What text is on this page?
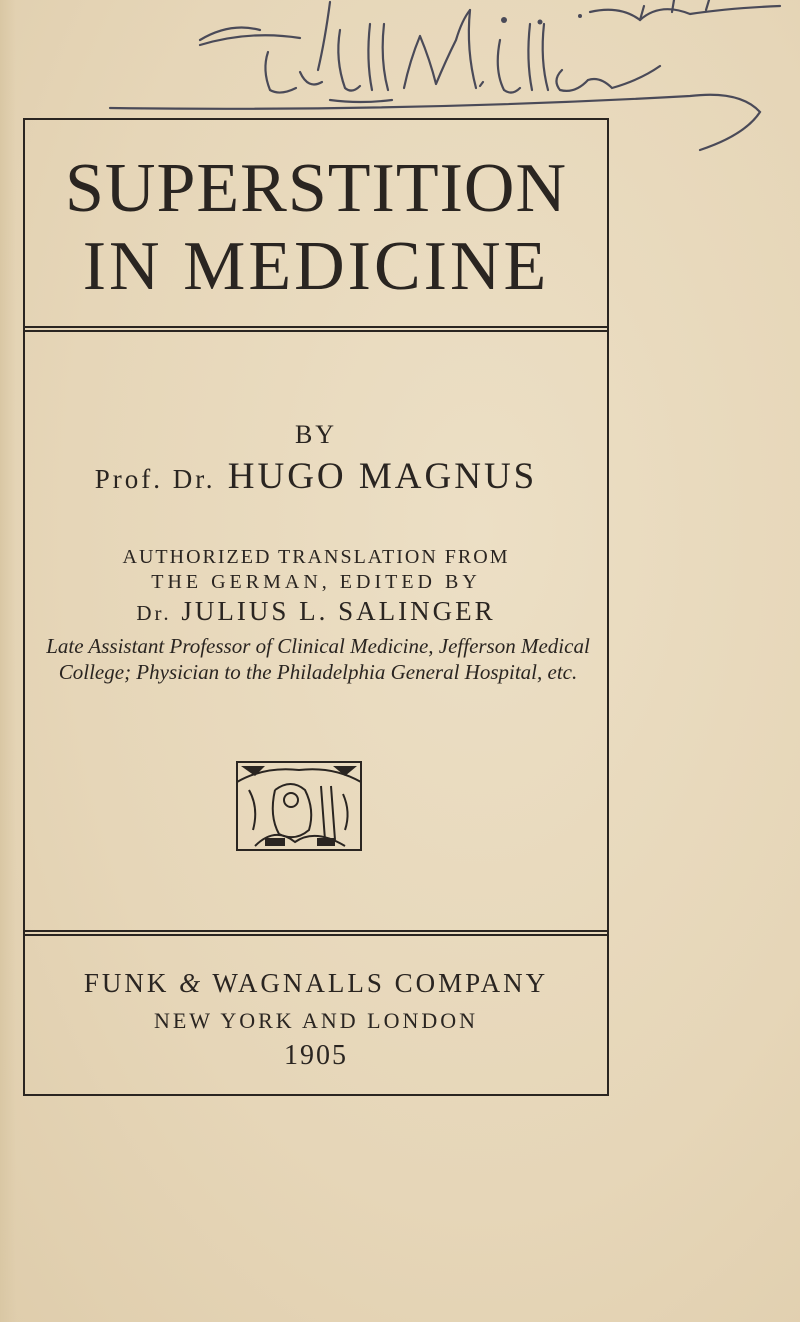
SUPERSTITION
IN MEDICINE
BY
Prof. Dr. HUGO MAGNUS
AUTHORIZED TRANSLATION FROM
THE GERMAN, EDITED BY
Dr. JULIUS L. SALINGER
Late Assistant Professor of Clinical Medicine, Jefferson Medical College; Physician to the Philadelphia General Hospital, etc.
FUNK & WAGNALLS COMPANY
NEW YORK AND LONDON
1905
